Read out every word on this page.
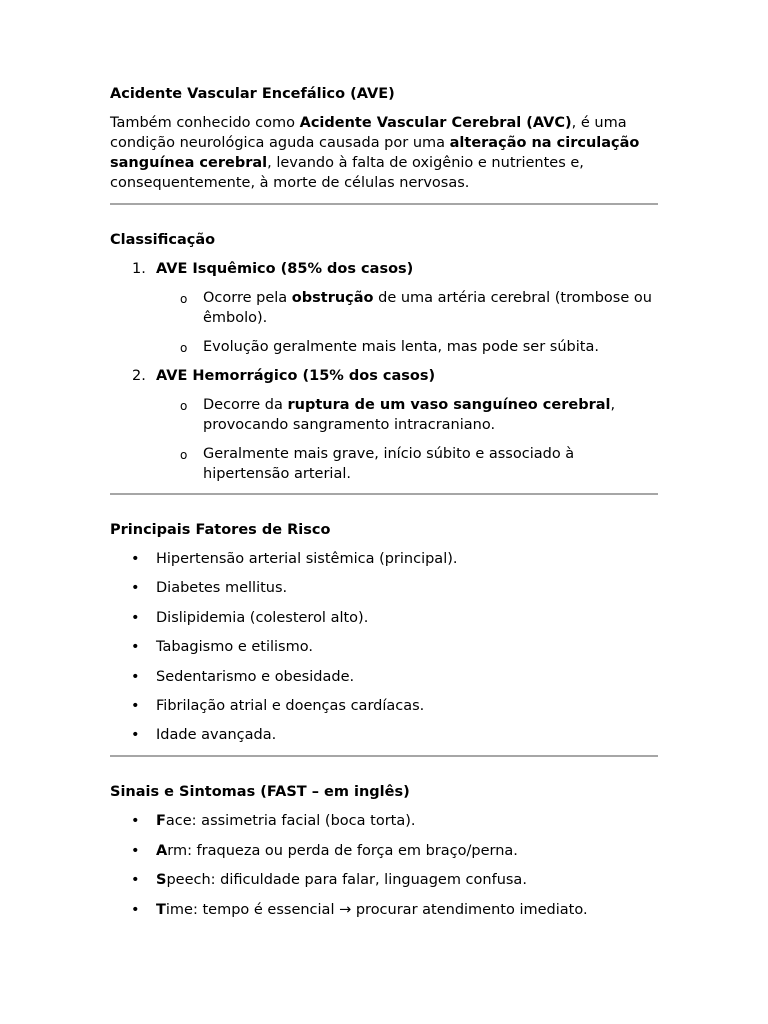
Acidente Vascular Encefálico (AVE)

Também conhecido como Acidente Vascular Cerebral (AVC), é uma condição neurológica aguda causada por uma alteração na circulação sanguínea cerebral, levando à falta de oxigênio e nutrientes e, consequentemente, à morte de células nervosas.

Classificação

1. AVE Isquêmico (85% dos casos)
o Ocorre pela obstrução de uma artéria cerebral (trombose ou êmbolo).
o Evolução geralmente mais lenta, mas pode ser súbita.
2. AVE Hemorrágico (15% dos casos)
o Decorre da ruptura de um vaso sanguíneo cerebral, provocando sangramento intracraniano.
o Geralmente mais grave, início súbito e associado à hipertensão arterial.

Principais Fatores de Risco

• Hipertensão arterial sistêmica (principal).
• Diabetes mellitus.
• Dislipidemia (colesterol alto).
• Tabagismo e etilismo.
• Sedentarismo e obesidade.
• Fibrilação atrial e doenças cardíacas.
• Idade avançada.

Sinais e Sintomas (FAST – em inglês)

• Face: assimetria facial (boca torta).
• Arm: fraqueza ou perda de força em braço/perna.
• Speech: dificuldade para falar, linguagem confusa.
• Time: tempo é essencial → procurar atendimento imediato.
